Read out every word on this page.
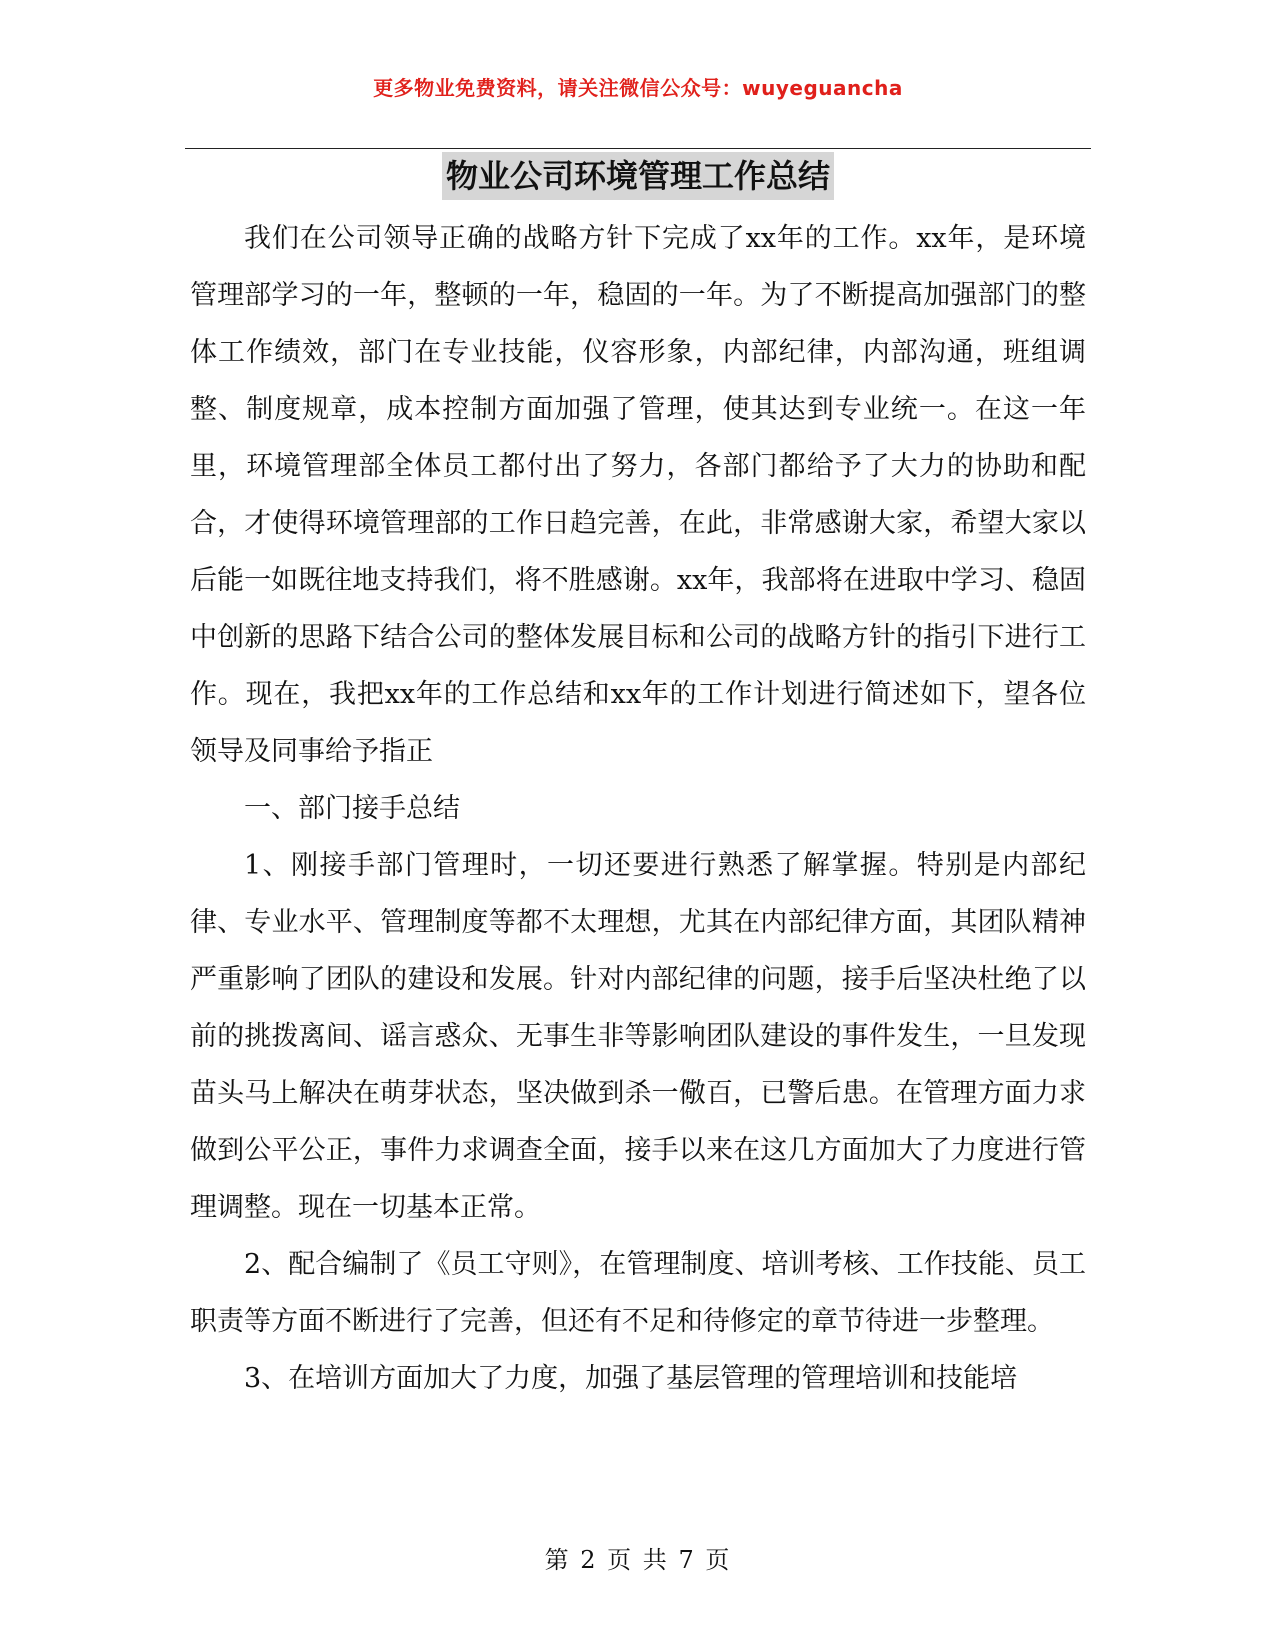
更多物业免费资料，请关注微信公众号：wuyeguancha
物业公司环境管理工作总结

我们在公司领导正确的战略方针下完成了xx年的工作。xx年，是环境管理部学习的一年，整顿的一年，稳固的一年。为了不断提高加强部门的整体工作绩效，部门在专业技能，仪容形象，内部纪律，内部沟通，班组调整、制度规章，成本控制方面加强了管理，使其达到专业统一。在这一年里，环境管理部全体员工都付出了努力，各部门都给予了大力的协助和配合，才使得环境管理部的工作日趋完善，在此，非常感谢大家，希望大家以后能一如既往地支持我们，将不胜感谢。xx年，我部将在进取中学习、稳固中创新的思路下结合公司的整体发展目标和公司的战略方针的指引下进行工作。现在，我把xx年的工作总结和xx年的工作计划进行简述如下，望各位领导及同事给予指正

一、部门接手总结

1、刚接手部门管理时，一切还要进行熟悉了解掌握。特别是内部纪律、专业水平、管理制度等都不太理想，尤其在内部纪律方面，其团队精神严重影响了团队的建设和发展。针对内部纪律的问题，接手后坚决杜绝了以前的挑拨离间、谣言惑众、无事生非等影响团队建设的事件发生，一旦发现苗头马上解决在萌芽状态，坚决做到杀一儆百，已警后患。在管理方面力求做到公平公正，事件力求调查全面，接手以来在这几方面加大了力度进行管理调整。现在一切基本正常。

2、配合编制了《员工守则》，在管理制度、培训考核、工作技能、员工职责等方面不断进行了完善，但还有不足和待修定的章节待进一步整理。

3、在培训方面加大了力度，加强了基层管理的管理培训和技能培

第 2 页 共 7 页
